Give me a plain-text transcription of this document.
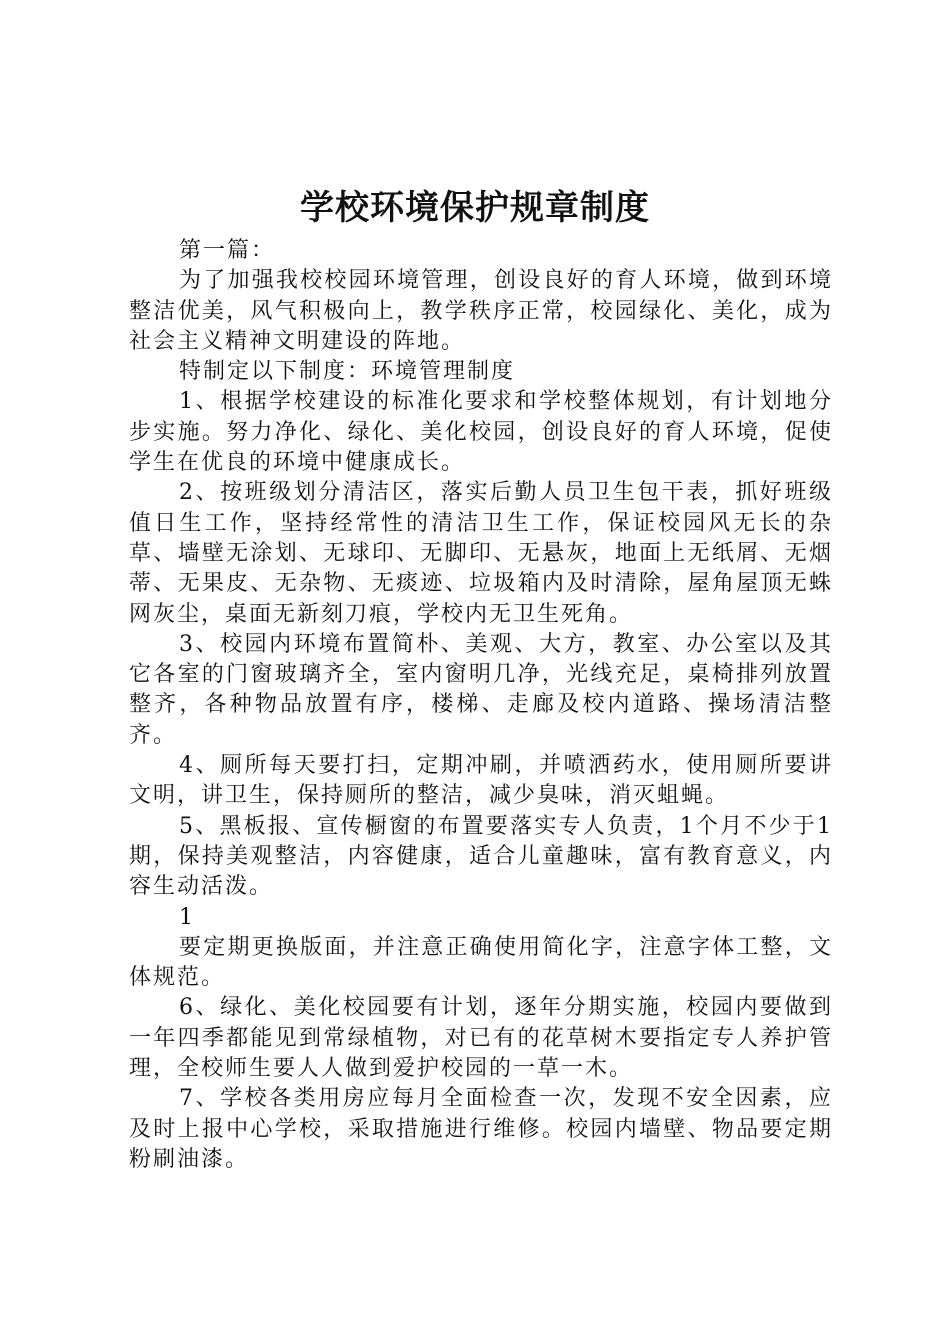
学校环境保护规章制度

第一篇：

为了加强我校校园环境管理，创设良好的育人环境，做到环境整洁优美，风气积极向上，教学秩序正常，校园绿化、美化，成为社会主义精神文明建设的阵地。

特制定以下制度：环境管理制度

1、根据学校建设的标准化要求和学校整体规划，有计划地分步实施。努力净化、绿化、美化校园，创设良好的育人环境，促使学生在优良的环境中健康成长。

2、按班级划分清洁区，落实后勤人员卫生包干表，抓好班级值日生工作，坚持经常性的清洁卫生工作，保证校园风无长的杂草、墙壁无涂划、无球印、无脚印、无悬灰，地面上无纸屑、无烟蒂、无果皮、无杂物、无痰迹、垃圾箱内及时清除，屋角屋顶无蛛网灰尘，桌面无新刻刀痕，学校内无卫生死角。

3、校园内环境布置简朴、美观、大方，教室、办公室以及其它各室的门窗玻璃齐全，室内窗明几净，光线充足，桌椅排列放置整齐，各种物品放置有序，楼梯、走廊及校内道路、操场清洁整齐。

4、厕所每天要打扫，定期冲刷，并喷洒药水，使用厕所要讲文明，讲卫生，保持厕所的整洁，减少臭味，消灭蛆蝇。

5、黑板报、宣传橱窗的布置要落实专人负责，1个月不少于1期，保持美观整洁，内容健康，适合儿童趣味，富有教育意义，内容生动活泼。

1

要定期更换版面，并注意正确使用简化字，注意字体工整，文体规范。

6、绿化、美化校园要有计划，逐年分期实施，校园内要做到一年四季都能见到常绿植物，对已有的花草树木要指定专人养护管理，全校师生要人人做到爱护校园的一草一木。

7、学校各类用房应每月全面检查一次，发现不安全因素，应及时上报中心学校，采取措施进行维修。校园内墙壁、物品要定期粉刷油漆。
